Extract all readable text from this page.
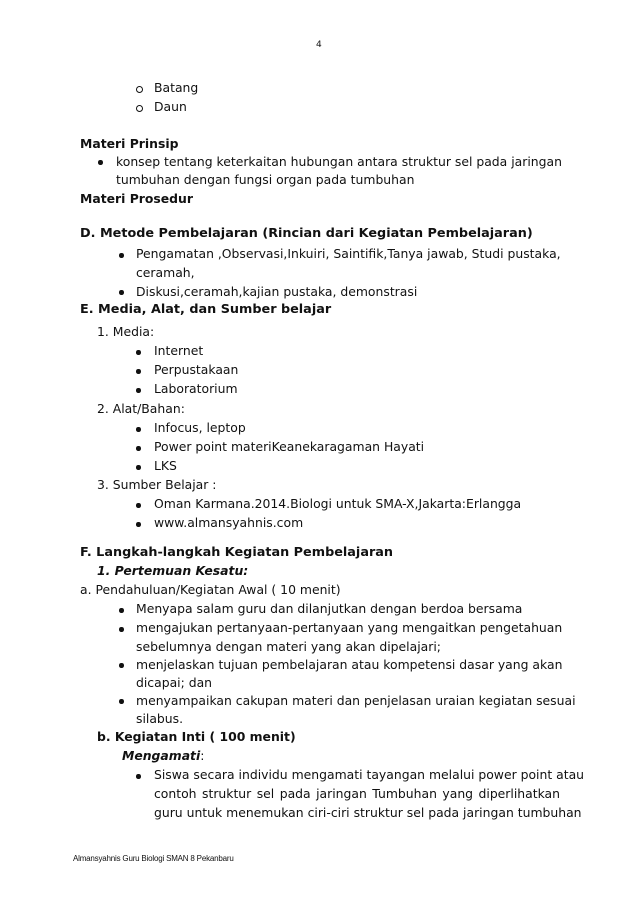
4
Batang
Daun
Materi Prinsip
konsep tentang keterkaitan hubungan antara struktur sel pada jaringan
tumbuhan dengan fungsi organ pada tumbuhan
Materi Prosedur
D. Metode Pembelajaran (Rincian dari Kegiatan Pembelajaran)
Pengamatan ,Observasi,Inkuiri, Saintifik,Tanya jawab, Studi pustaka,
ceramah,
Diskusi,ceramah,kajian pustaka, demonstrasi
E. Media, Alat, dan Sumber belajar
1. Media:
Internet
Perpustakaan
Laboratorium
2. Alat/Bahan:
Infocus, leptop
Power point materiKeanekaragaman Hayati
LKS
3. Sumber Belajar :
Oman Karmana.2014.Biologi untuk SMA-X,Jakarta:Erlangga
www.almansyahnis.com
F. Langkah-langkah Kegiatan Pembelajaran
1. Pertemuan Kesatu:
a. Pendahuluan/Kegiatan Awal ( 10 menit)
Menyapa salam guru dan dilanjutkan dengan berdoa bersama
mengajukan pertanyaan-pertanyaan yang mengaitkan pengetahuan
sebelumnya dengan materi yang akan dipelajari;
menjelaskan tujuan pembelajaran atau kompetensi dasar yang akan
dicapai; dan
menyampaikan cakupan materi dan penjelasan uraian kegiatan sesuai
silabus.
b. Kegiatan Inti ( 100 menit)
Mengamati:
Siswa secara individu mengamati tayangan melalui power point atau
contoh struktur sel pada jaringan Tumbuhan yang diperlihatkan
guru untuk menemukan ciri-ciri struktur sel pada jaringan tumbuhan
Almansyahnis Guru Biologi SMAN 8 Pekanbaru
